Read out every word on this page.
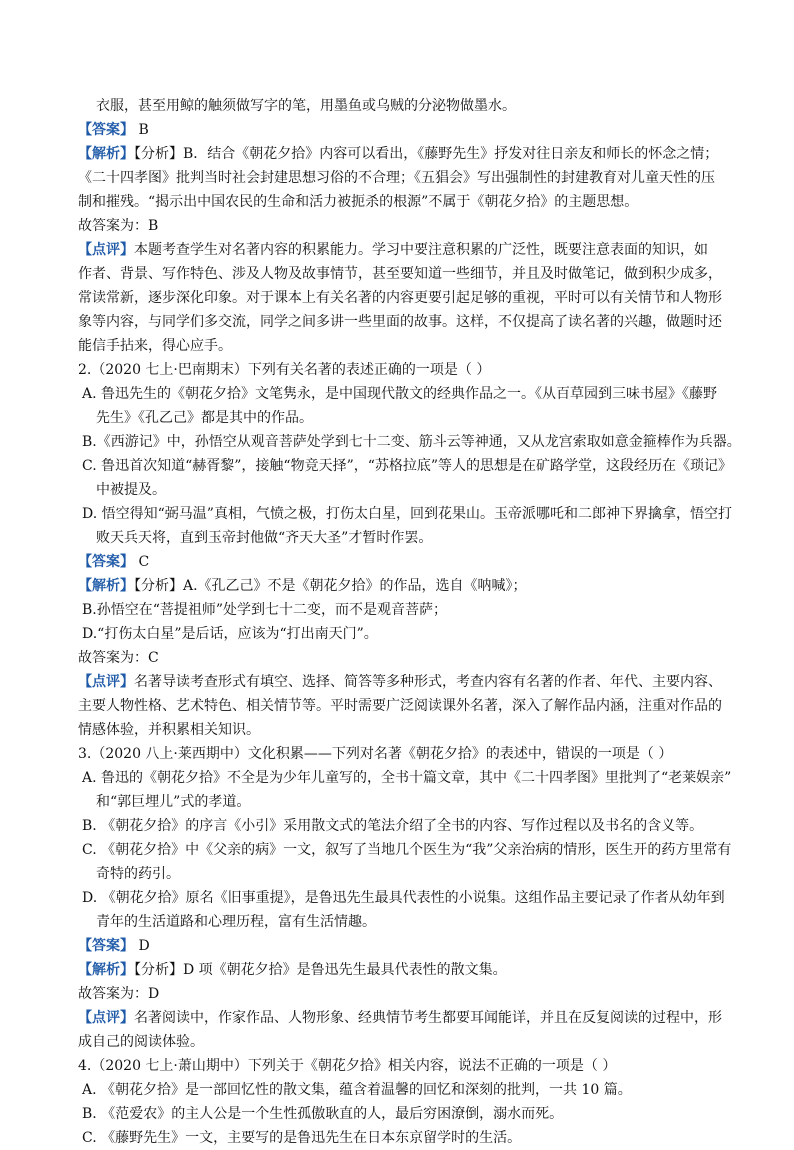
衣服，甚至用鲸的触须做写字的笔，用墨鱼或乌贼的分泌物做墨水。
【答案】 B
【解析】【分析】B．结合《朝花夕拾》内容可以看出，《藤野先生》抒发对往日亲友和师长的怀念之情；
《二十四孝图》批判当时社会封建思想习俗的不合理；《五猖会》写出强制性的封建教育对儿童天性的压
制和摧残。“揭示出中国农民的生命和活力被扼杀的根源”不属于《朝花夕拾》的主题思想。
故答案为：B
【点评】本题考查学生对名著内容的积累能力。学习中要注意积累的广泛性，既要注意表面的知识，如
作者、背景、写作特色、涉及人物及故事情节，甚至要知道一些细节，并且及时做笔记，做到积少成多，
常读常新，逐步深化印象。对于课本上有关名著的内容更要引起足够的重视，平时可以有关情节和人物形
象等内容，与同学们多交流，同学之间多讲一些里面的故事。这样，不仅提高了读名著的兴趣，做题时还
能信手拈来，得心应手。
2.（2020 七上·巴南期末）下列有关名著的表述正确的一项是（ ）
A. 鲁迅先生的《朝花夕拾》文笔隽永，是中国现代散文的经典作品之一。《从百草园到三味书屋》《藤野
先生》《孔乙己》都是其中的作品。
B.《西游记》中，孙悟空从观音菩萨处学到七十二变、筋斗云等神通，又从龙宫索取如意金箍棒作为兵器。
C. 鲁迅首次知道“赫胥黎”，接触“物竞天择”，“苏格拉底”等人的思想是在矿路学堂，这段经历在《琐记》
中被提及。
D. 悟空得知“弼马温”真相，气愤之极，打伤太白星，回到花果山。玉帝派哪吒和二郎神下界擒拿，悟空打
败天兵天将，直到玉帝封他做“齐天大圣”才暂时作罢。
【答案】 C
【解析】【分析】A.《孔乙己》不是《朝花夕拾》的作品，选自《呐喊》；
B.孙悟空在“菩提祖师”处学到七十二变，而不是观音菩萨；
D.“打伤太白星”是后话，应该为“打出南天门”。
故答案为：C
【点评】名著导读考查形式有填空、选择、简答等多种形式，考查内容有名著的作者、年代、主要内容、
主要人物性格、艺术特色、相关情节等。平时需要广泛阅读课外名著，深入了解作品内涵，注重对作品的
情感体验，并积累相关知识。
3.（2020 八上·莱西期中）文化积累——下列对名著《朝花夕拾》的表述中，错误的一项是（ ）
A. 鲁迅的《朝花夕拾》不全是为少年儿童写的，全书十篇文章，其中《二十四孝图》里批判了“老莱娱亲”
和“郭巨埋儿”式的孝道。
B. 《朝花夕拾》的序言《小引》采用散文式的笔法介绍了全书的内容、写作过程以及书名的含义等。
C. 《朝花夕拾》中《父亲的病》一文，叙写了当地几个医生为“我”父亲治病的情形，医生开的药方里常有
奇特的药引。
D. 《朝花夕拾》原名《旧事重提》，是鲁迅先生最具代表性的小说集。这组作品主要记录了作者从幼年到
青年的生活道路和心理历程，富有生活情趣。
【答案】 D
【解析】【分析】D 项《朝花夕拾》是鲁迅先生最具代表性的散文集。
故答案为：D
【点评】名著阅读中，作家作品、人物形象、经典情节考生都要耳闻能详，并且在反复阅读的过程中，形
成自己的阅读体验。
4.（2020 七上·萧山期中）下列关于《朝花夕拾》相关内容，说法不正确的一项是（ ）
A. 《朝花夕拾》是一部回忆性的散文集，蕴含着温馨的回忆和深刻的批判，一共 10 篇。
B. 《范爱农》的主人公是一个生性孤傲耿直的人，最后穷困潦倒，溺水而死。
C. 《藤野先生》一文，主要写的是鲁迅先生在日本东京留学时的生活。
